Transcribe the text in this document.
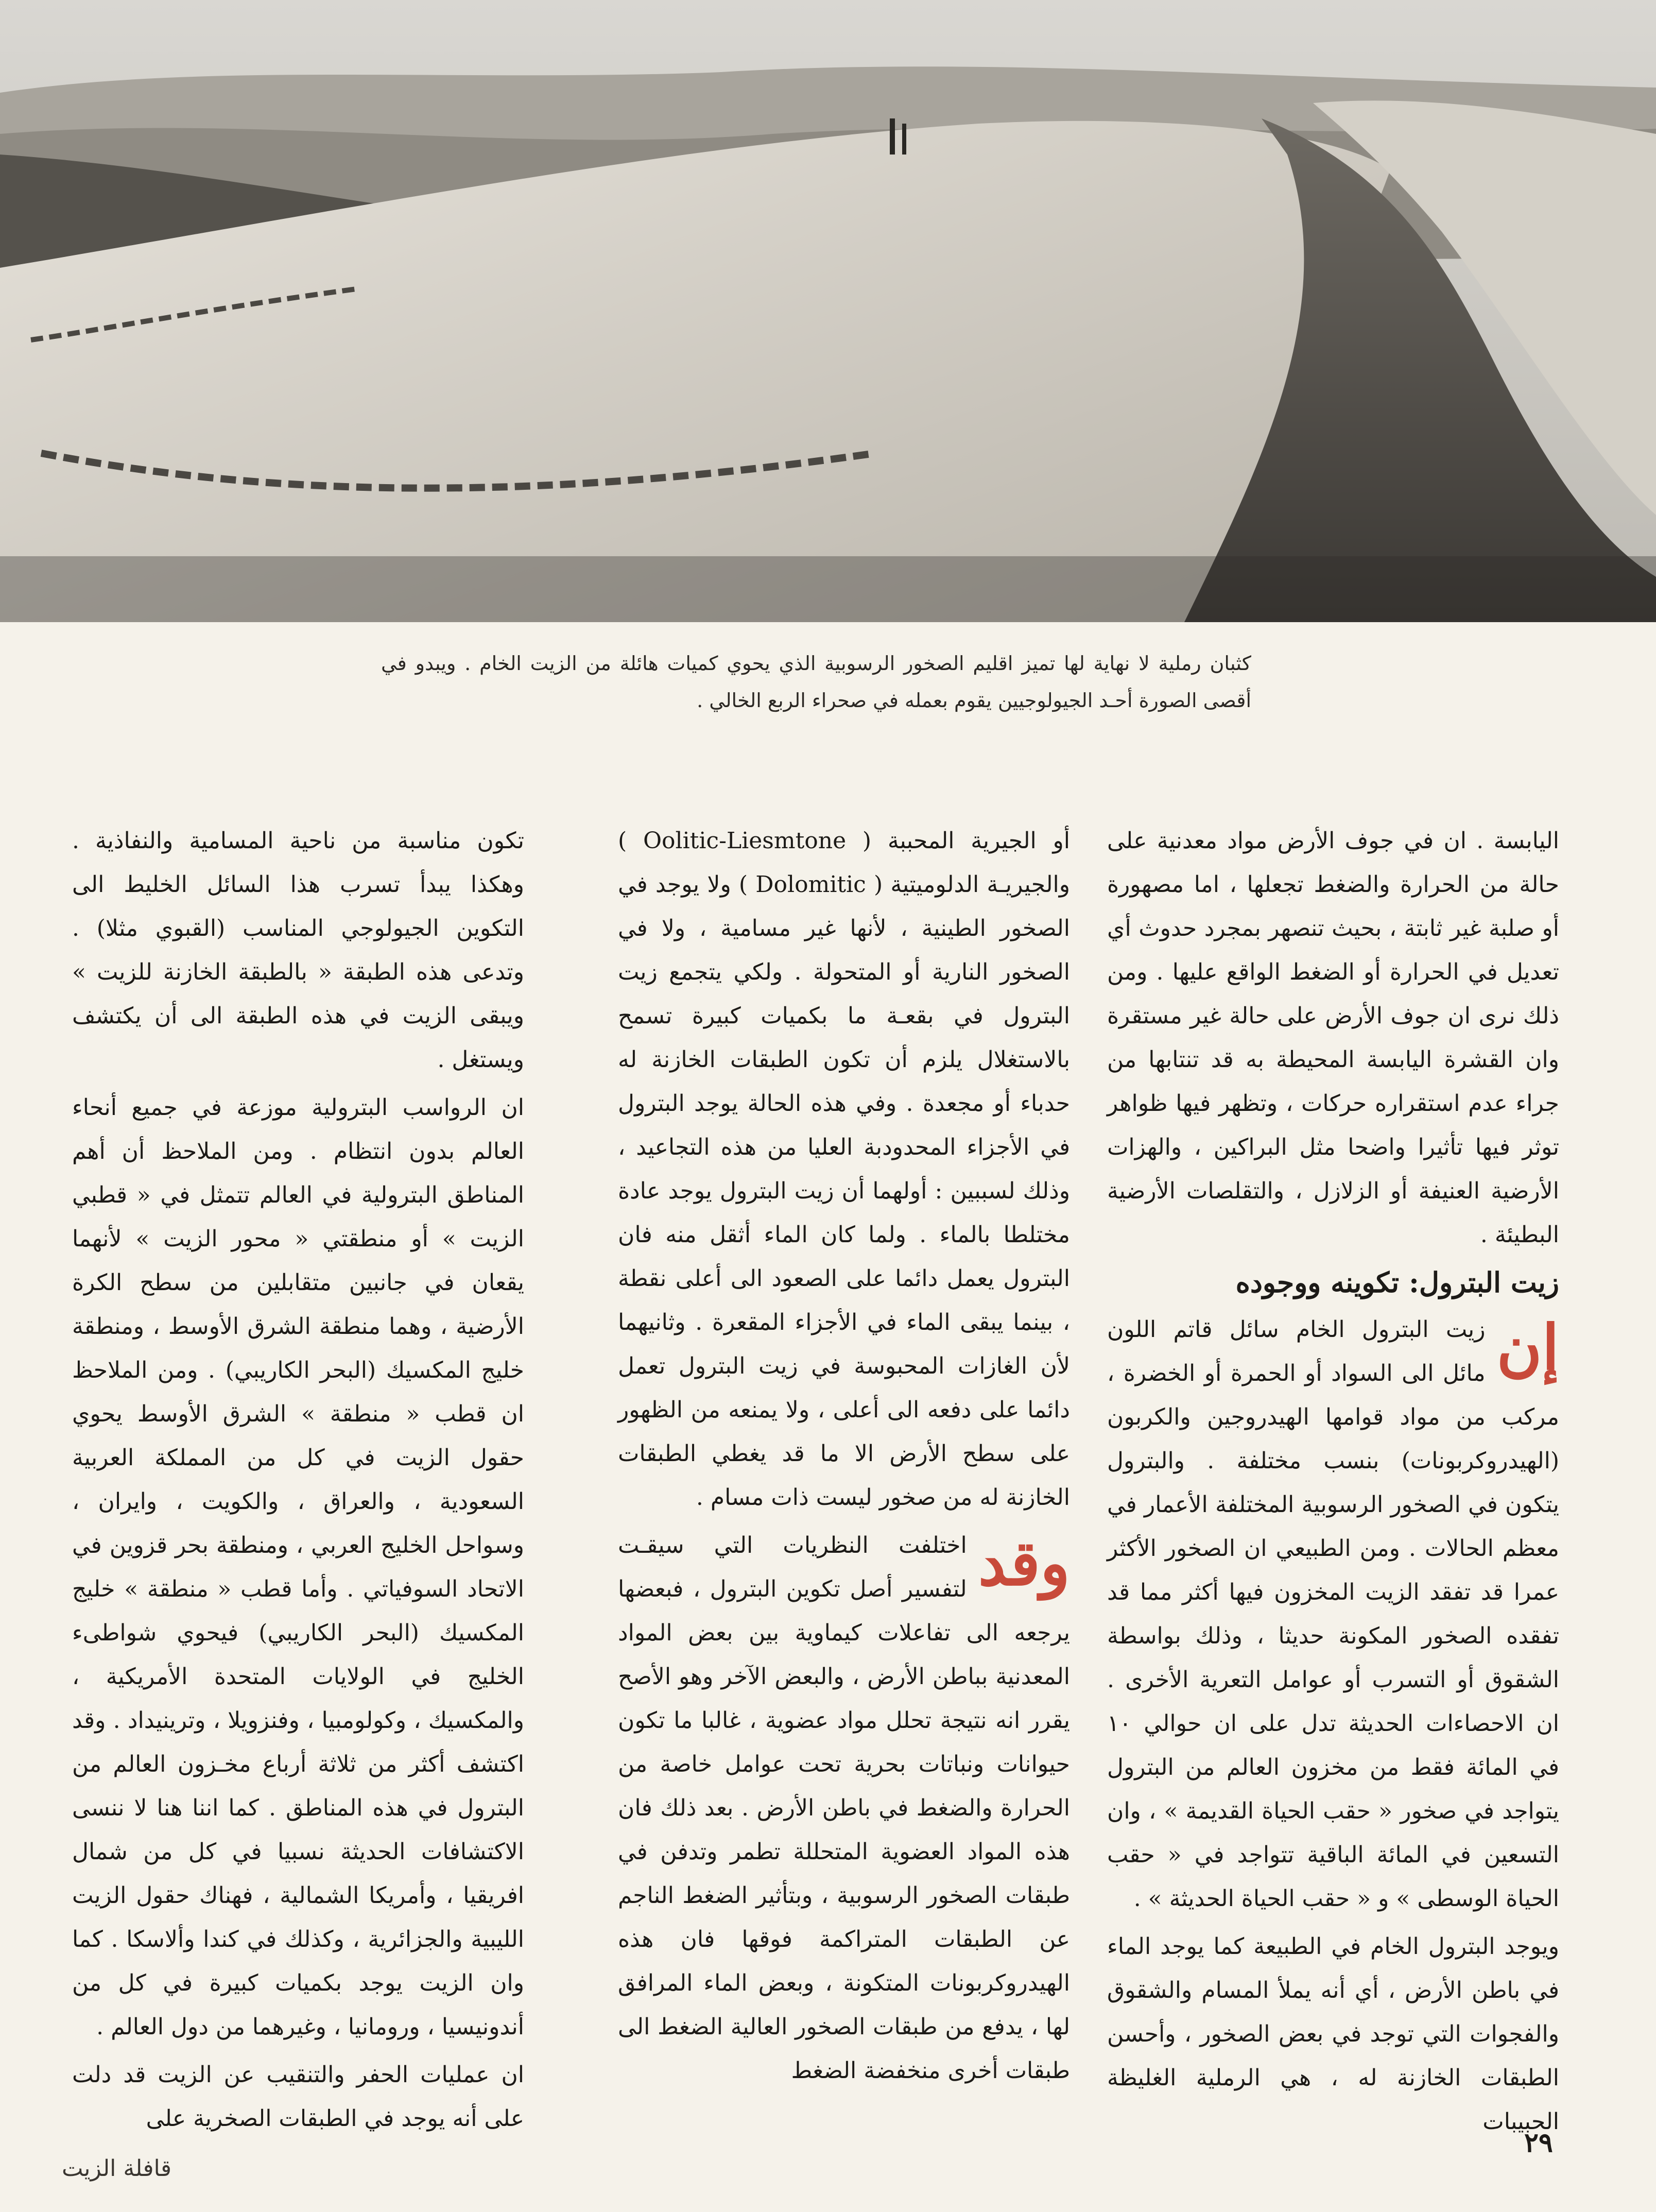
كثبان رملية لا نهاية لها تميز اقليم الصخور الرسوبية الذي يحوي كميات هائلة من الزيت الخام . ويبدو في أقصى الصورة أحـد الجيولوجيين يقوم بعمله في صحراء الربع الخالي .

اليابسة . ان في جوف الأرض مواد معدنية على حالة من الحرارة والضغط تجعلها ، اما مصهورة أو صلبة غير ثابتة ، بحيث تنصهر بمجرد حدوث أي تعديل في الحرارة أو الضغط الواقع عليها . ومن ذلك نرى ان جوف الأرض على حالة غير مستقرة وان القشرة اليابسة المحيطة به قد تنتابها من جراء عدم استقراره حركات ، وتظهر فيها ظواهر توثر فيها تأثيرا واضحا مثل البراكين ، والهزات الأرضية العنيفة أو الزلازل ، والتقلصات الأرضية البطيئة .

زيت البترول: تكوينه ووجوده

إن
زيت البترول الخام سائل قاتم اللون مائل الى السواد أو الحمرة أو الخضرة ، مركب من مواد قوامها الهيدروجين والكربون (الهيدروكربونات) بنسب مختلفة . والبترول يتكون في الصخور الرسوبية المختلفة الأعمار في معظم الحالات . ومن الطبيعي ان الصخور الأكثر عمرا قد تفقد الزيت المخزون فيها أكثر مما قد تفقده الصخور المكونة حديثا ، وذلك بواسطة الشقوق أو التسرب أو عوامل التعرية الأخرى . ان الاحصاءات الحديثة تدل على ان حوالي ١٠ في المائة فقط من مخزون العالم من البترول يتواجد في صخور « حقب الحياة القديمة » ، وان التسعين في المائة الباقية تتواجد في « حقب الحياة الوسطى » و « حقب الحياة الحديثة » .

ويوجد البترول الخام في الطبيعة كما يوجد الماء في باطن الأرض ، أي أنه يملأ المسام والشقوق والفجوات التي توجد في بعض الصخور ، وأحسن الطبقات الخازنة له ، هي الرملية الغليظة الحبيبات

أو الجيرية المحببة ( Oolitic-Liesmtone ) والجيريـة الدلوميتية ( Dolomitic ) ولا يوجد في الصخور الطينية ، لأنها غير مسامية ، ولا في الصخور النارية أو المتحولة . ولكي يتجمع زيت البترول في بقعـة ما بكميات كبيرة تسمح بالاستغلال يلزم أن تكون الطبقات الخازنة له حدباء أو مجعدة . وفي هذه الحالة يوجد البترول في الأجزاء المحدودبة العليا من هذه التجاعيد ، وذلك لسببين : أولهما أن زيت البترول يوجد عادة مختلطا بالماء . ولما كان الماء أثقل منه فان البترول يعمل دائما على الصعود الى أعلى نقطة ، بينما يبقى الماء في الأجزاء المقعرة . وثانيهما لأن الغازات المحبوسة في زيت البترول تعمل دائما على دفعه الى أعلى ، ولا يمنعه من الظهور على سطح الأرض الا ما قد يغطي الطبقات الخازنة له من صخور ليست ذات مسام .

وقد
اختلفت النظريات التي سيقـت لتفسير أصل تكوين البترول ، فبعضها يرجعه الى تفاعلات كيماوية بين بعض المواد المعدنية بباطن الأرض ، والبعض الآخر وهو الأصح يقرر انه نتيجة تحلل مواد عضوية ، غالبا ما تكون حيوانات ونباتات بحرية تحت عوامل خاصة من الحرارة والضغط في باطن الأرض . بعد ذلك فان هذه المواد العضوية المتحللة تطمر وتدفن في طبقات الصخور الرسوبية ، وبتأثير الضغط الناجم عن الطبقات المتراكمة فوقها فان هذه الهيدروكربونات المتكونة ، وبعض الماء المرافق لها ، يدفع من طبقات الصخور العالية الضغط الى طبقات أخرى منخفضة الضغط

تكون مناسبة من ناحية المسامية والنفاذية . وهكذا يبدأ تسرب هذا السائل الخليط الى التكوين الجيولوجي المناسب (القبوي مثلا) . وتدعى هذه الطبقة « بالطبقة الخازنة للزيت » ويبقى الزيت في هذه الطبقة الى أن يكتشف ويستغل .

ان الرواسب البترولية موزعة في جميع أنحاء العالم بدون انتظام . ومن الملاحظ أن أهم المناطق البترولية في العالم تتمثل في « قطبي الزيت » أو منطقتي « محور الزيت » لأنهما يقعان في جانبين متقابلين من سطح الكرة الأرضية ، وهما منطقة الشرق الأوسط ، ومنطقة خليج المكسيك (البحر الكاريبي) . ومن الملاحظ ان قطب « منطقة » الشرق الأوسط يحوي حقول الزيت في كل من المملكة العربية السعودية ، والعراق ، والكويت ، وايران ، وسواحل الخليج العربي ، ومنطقة بحر قزوين في الاتحاد السوفياتي . وأما قطب « منطقة » خليج المكسيك (البحر الكاريبي) فيحوي شواطىء الخليج في الولايات المتحدة الأمريكية ، والمكسيك ، وكولومبيا ، وفنزويلا ، وترينيداد . وقد اكتشف أكثر من ثلاثة أرباع مخـزون العالم من البترول في هذه المناطق . كما اننا هنا لا ننسى الاكتشافات الحديثة نسبيا في كل من شمال افريقيا ، وأمريكا الشمالية ، فهناك حقول الزيت الليبية والجزائرية ، وكذلك في كندا وألاسكا . كما وان الزيت يوجد بكميات كبيرة في كل من أندونيسيا ، ورومانيا ، وغيرهما من دول العالم .

ان عمليات الحفر والتنقيب عن الزيت قد دلت على أنه يوجد في الطبقات الصخرية على

٢٩
قافلة الزيت
